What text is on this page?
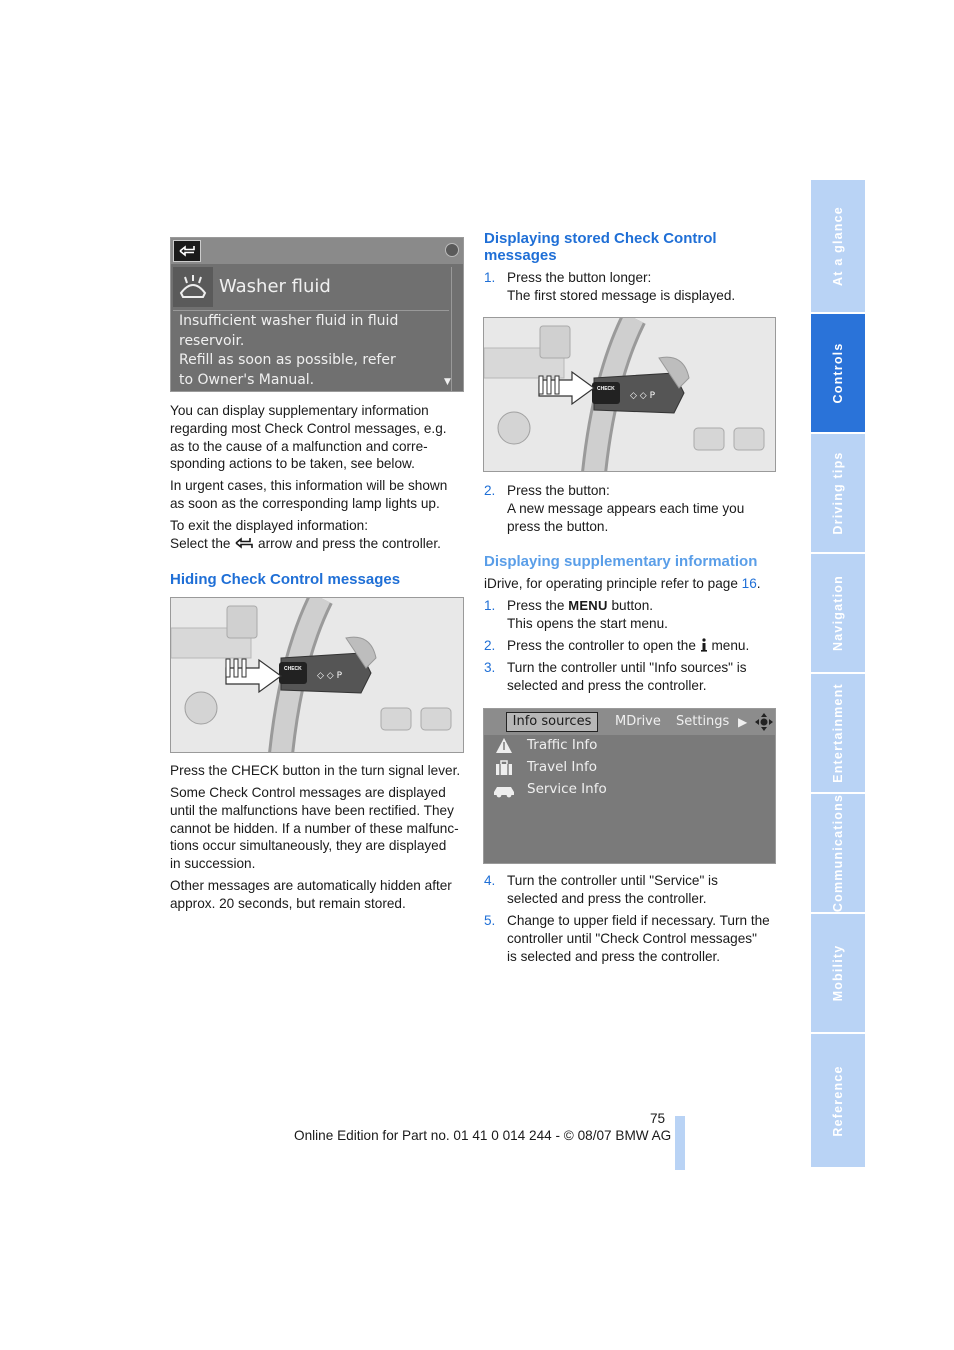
At a glance
Controls
Driving tips
Navigation
Entertainment
Communications
Mobility
Reference
Washer fluid
Insufficient washer fluid in fluid
reservoir.
Refill as soon as possible, refer
to Owner's Manual.	▼

You can display supplementary information
regarding most Check Control messages, e.g.
as to the cause of a malfunction and corre-
sponding actions to be taken, see below.

In urgent cases, this information will be shown
as soon as the corresponding lamp lights up.

To exit the displayed information:
Select the arrow and press the controller.

Hiding Check Control messages
◇ ◇ P
CHECK

Press the CHECK button in the turn signal lever.

Some Check Control messages are displayed
until the malfunctions have been rectified. They
cannot be hidden. If a number of these malfunc-
tions occur simultaneously, they are displayed
in succession.

Other messages are automatically hidden after
approx. 20 seconds, but remain stored.

Displaying stored Check Control
messages
1. Press the button longer:
The first stored message is displayed.
◇ ◇ P
CHECK
2. Press the button:
A new message appears each time you
press the button.
Displaying supplementary information

iDrive, for operating principle refer to page 16.

1. Press the MENU button.
This opens the start menu.
2. Press the controller to open the menu.
3. Turn the controller until "Info sources" is
selected and press the controller.
Info sources	MDrive Settings ▶
Traffic Info
Travel Info
Service Info
4. Turn the controller until "Service" is
selected and press the controller.
5. Change to upper field if necessary. Turn the
controller until "Check Control messages"
is selected and press the controller.
75
Online Edition for Part no. 01 41 0 014 244 - © 08/07 BMW AG
